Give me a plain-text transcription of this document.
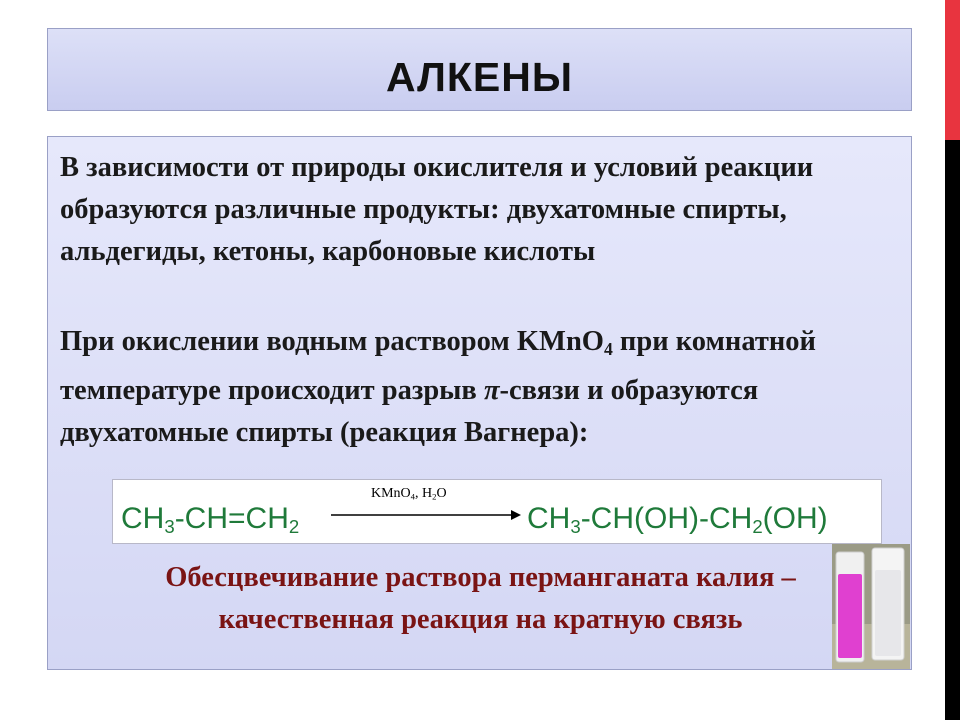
АЛКЕНЫ
В зависимости от природы окислителя и условий реакции образуются различные продукты: двухатомные спирты, альдегиды, кетоны, карбоновые кислоты
При окислении водным раствором KMnO$_4$ при комнатной температуре происходит разрыв π-связи и образуются двухатомные спирты (реакция Вагнера):
$CH_3-CH=CH_2$
KMnO$_4$, $H_2O$
$CH_3-CH(OH)-CH_2(OH)$
Обесцвечивание раствора перманганата калия –
качественная реакция на кратную связь
